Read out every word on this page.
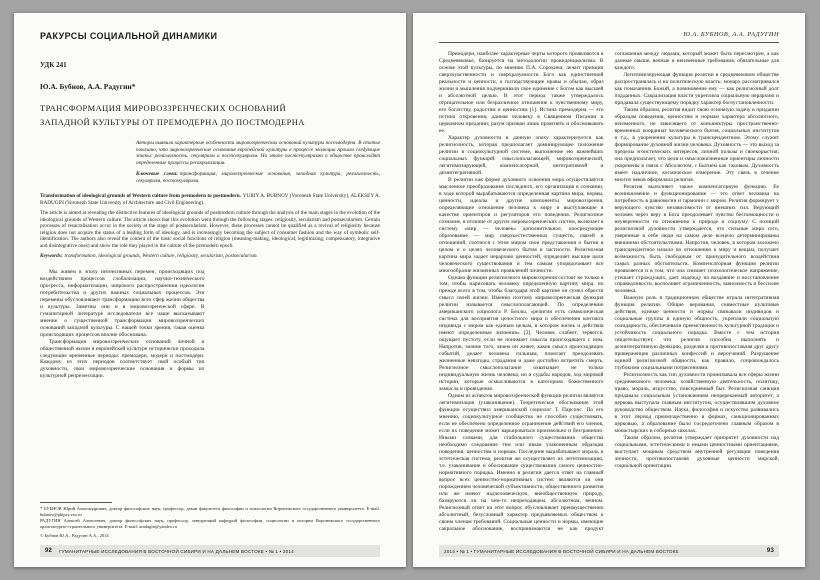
РАКУРСЫ СОЦИАЛЬНОЙ ДИНАМИКИ
УДК 241
Ю.А. Бубнов, А.А. Радугин*
ТРАНСФОРМАЦИЯ МИРОВОЗЗРЕНЧЕСКИХ ОСНОВАНИЙ ЗАПАДНОЙ КУЛЬТУРЫ ОТ ПРЕМОДЕРНА ДО ПОСТМОДЕРНА

Авторы выявили характерные особенности мировоззренческих оснований культуры постмодерна. В статье показано, что мировоззренческие основания европейской культуры в процессе эволюции прошли следующие этапы: религиозность, секуляризм и постсекуляризм. На этапе постсекуляризма в обществе происходят определенные процессы ресакрализации.

Ключевые слова: трансформация, мировоззренческие основания, западная культура, религиозность, секуляризм, постсекуляризм.

Transformation of ideological grounds of Western culture from premodern to postmodern. YURIY A. BUBNOV (Voronezh State University), ALEKSEY A. RADUGIN (Voronezh State University of Architecture and Civil Engineering).

The article is aimed at revealing the distinctive features of ideological grounds of postmodern culture through the analysis of the main stages in the evolution of the ideological grounds of Western culture. The article shows that this evolution went through the following stages: religiosity, secularism and postsecularism. Certain processes of resacralisation occur in the society at the stage of postsecularism. However, these processes cannot be qualified as a revival of religiosity because religion does not acquire the status of a leading form of ideology, and is increasingly becoming the subject of consumer fashion and the way of symbolic self-identification. The authors also reveal the content of the basic social functions of religion (meaning-making, ideological, legitimizing, compensatory, integrative and disintegrative ones) and show the role they played in the culture of the premodern epoch.

Keywords: transformation, ideological grounds, Western culture, religiosity, secularism, postsecularism.

Мы живем в эпоху интенсивных перемен, происходящих под воздействием процессов глобализации, научно-технического прогресса, информатизации, широкого распространения идеологии потребительства и других важных социальных процессов. Эти перемены обусловливают трансформацию всех сфер жизни общества и культуры. Заметны они и в мировоззренческой сфере. В гуманитарной литературе исследователи все чаще высказывают мнение о существенной трансформации мировоззренческих оснований западной культуры. С нашей точки зрения, такая оценка происходящих процессов вполне обоснована.

Трансформация мировоззренческих оснований личной и общественной жизни в европейской культуре исторически проходила следующие временные периоды: премодерн, модерн и постмодерн. Каждому из этих периодов соответствует свой особый тип духовности, свои мировоззренческие основания и формы их культурной репрезентации.

* БУБНОВ Юрий Александрович, доктор философских наук, профессор, декан факультета философии и психологии Воронежского государственного университета. E-mail: bubnov@phipsy.vsu.ru

РАДУГИН Алексей Алексеевич, доктор философских наук, профессор, заведующий кафедрой философии, социологии и истории Воронежского государственного архитектурно-строительного университета. E-mail: aradugin@yandex.ru

© Бубнов Ю.А., Радугин А.А., 2014

92 ГУМАНИТАРНЫЕ ИССЛЕДОВАНИЯ В ВОСТОЧНОЙ СИБИРИ И НА ДАЛЬНЕМ ВОСТОКЕ • № 1 • 2014
Ю.А. БУБНОВ, А.А. РАДУГИН

Премодерн, наиболее характерные черты которого проявляются в Средневековье, базируется на методологии провиденциализма. В основе этой культуры, по мнению П.А. Сорокина, лежит принцип сверхчувственности и сверхразумности Бога как единственной реальности и ценности, а господствующие нравы и обычаи, образ жизни и мышления подчеркивали свое единение с Богом как высшей и абсолютной целью. В этот период также утверждалось отрицательное или безразличное отношение к чувственному миру, его богатству, радостям и ценностям [1]. Истина премодерна — это истина откровения, данная человеку в Священном Писании и церковном предании; разум призван лишь прояснять и обосновывать ее.

Характер духовности в данную эпоху характеризуется как религиозность, которая предполагает доминирующее положение религии в социокультурной системе, выполнение ею важнейших социальных функций: смыслополагающей, мировоззренческой, легитимизирующей, компенсаторной, интегративной и дезинтегративной.

В религии как форме духовного освоения мира осуществляется мысленное преобразование последнего, его организация в сознании, в ходе которой вырабатываются определенная картина мира, нормы, ценности, идеалы и другие компоненты мировоззрения, определяющие отношение человека к миру и выступающие в качестве ориентиров и регуляторов его поведения. Религиозное сознание, в отличие от других мировоззренческих систем, включает в систему «мир — человек» дополнительное, опосредующее образование — мир сверхъестественных существ, связей и отношений, соотнося с этим миром свои представления о бытии в целом и о целях человеческого бытия в частности. Религиозная картина мира задает иерархию ценностей, определяет высшие цели человеческого существования и тем самым упорядочивает все многообразие жизненных проявлений личности.

Однако функции религиозного мировоззрения состоят не только в том, чтобы нарисовать человеку определенную картину мира, но прежде всего в том, чтобы благодаря этой картине он сумел обрести смысл своей жизни. Именно поэтому мировоззренческая функция религии называется смыслополагающей. По определению американского социолога Р. Беллы, «религия есть символическая система для восприятия целостного мира и обеспечения контакта индивида с миром как единым целым, в котором жизнь и действия имеют определенные значения» [2]. Человек слабеет, теряется, ощущает пустоту, если не понимает смысла происходящего с ним. Напротив, знание того, зачем он живет, каков смысл происходящих событий, делает человека сильным, помогает преодолевать жизненные невзгоды, страдания и даже достойно встретить смерть. Религиозное смыслополагание охватывает не только индивидуальную жизнь человека, но и судьбы народов, ход мировой истории, которые осмысливаются в категориях божественного замысла и провидения.

Одним из аспектов мировоззренческой функции религии является легитимизация (узаконивание). Теоретическое обоснование этой функции осуществил американский социолог Т. Парсонс. По его мнению, социокультурное сообщество не способно существовать, если не обеспечено определенное ограничение действий его членов, если их поведение может варьироваться произвольно и безгранично. Иными словами, для стабильного существования общества необходимо следование тем или иным узаконенным образцам поведения, ценностям и нормам. Последние вырабатывают мораль и эстетическая система, религия же осуществляет их легитимизацию, т.е. узаконивание и обоснование существования самого ценностно-нормативного порядка. Именно в религии дается ответ на главный вопрос всех ценностно-нормативных систем: являются ли они порождением человеческой субъективности, общественного развития или же имеют надчеловеческую, внеобщественную природу, базируются ли на чем-то непреходящем, абсолютном, вечном. Религиозный ответ на этот вопрос обусловливает преимущественно абсолютный, безусловный характер предъявляемых обществом к своим членам требований. Социальные ценности и нормы, имеющие сакральное обоснование, воспринимаются не как продукт соглашения между людьми, который может быть пересмотрен, а как данные свыше, вечные и неизменные требования, обязательные для каждого.

Легитимизирующая функция религии в средневековом обществе распространялась и на политическую власть: монарх рассматривался как помазанник Божий, а повиновение ему — как религиозный долг подданных. Сакрализация власти укрепляла социальную иерархию и придавала существующему порядку характер богоустановленности.

Таким образом, религия видит свою основную задачу в придании образцам поведения, ценностям и нормам характера абсолютного, неизменного, не зависящего от конъюнктуры пространственно-временных координат человеческого бытия, социальных институтов и т.д., в укоренении культуры в трансцендентном. Этому служит формирование духовной жизни человека. Духовность — это выход за пределы эгоистических интересов, личной пользы и своекорыстия; она предполагает, что цели и смысложизненные ориентиры личности укоренены в связи с Абсолютом, с Бытием как таковым. Духовность имеет надличное, космическое измерение. Эту связь в течение многих веков оформляла религия.

Религия выполняет также компенсаторную функцию. Ее возникновение и функционирование — это ответ человека на потребность в равновесии и гармонии с миром. Религия формирует у верующего чувство независимости от внешних сил. Верующий человек через веру в Бога преодолевает чувство беспомощности и неуверенности по отношению к природе и социуму. С позиций религиозной духовности утверждается, что сильные мира сего, уверенные в себе люди на самом деле всецело детерминированы внешними обстоятельствами. Напротив, человек, в котором заложено трансцендентное начало по отношению к миру и вещам, получает возможность быть свободным от принудительного воздействия самых разных обстоятельств. Компенсаторная функция религии проявляется и в том, что она снимает психологическое напряжение, утешает страждущих, дает надежду на воздаяние и восстановление справедливости, восполняет ограниченность, зависимость и бессилие человека.

Важную роль в традиционном обществе играла интегративная функция религии. Общие верования, совместные культовые действия, единые ценности и нормы связывали индивидов и социальные группы в единую общность, укрепляли социальную солидарность, обеспечивали преемственность культурной традиции и устойчивость социального порядка. Вместе с тем история свидетельствует, что религия способна выполнять и дезинтегративную функцию, разделяя и противопоставляя друг другу приверженцев различных конфессий и вероучений. Разрушение единой религиозной общности, как правило, сопровождалось глубокими социальными потрясениями.

Религиозность как тип духовности пронизывала все сферы жизни средневекового человека: хозяйственную деятельность, политику, право, мораль, искусство, повседневный быт. Религиозная санкция придавала социальным установлениям непререкаемый авторитет, а церковь выступала главным институтом, осуществлявшим духовное руководство обществом. Наука, философия и искусство развивались в этот период преимущественно в формах, санкционированных церковью, а образование было сосредоточено главным образом в монастырских и соборных школах.

Таким образом, религия утверждает приоритет духовности над социальными, эстетическими и иными ценностными ориентациями, выступает мощным средством внутренней регуляции поведения личности, противопоставляя духовные ценности мирской, социальной ориентации.

2014 • № 1 • ГУМАНИТАРНЫЕ ИССЛЕДОВАНИЯ В ВОСТОЧНОЙ СИБИРИ И НА ДАЛЬНЕМ ВОСТОКЕ	93
